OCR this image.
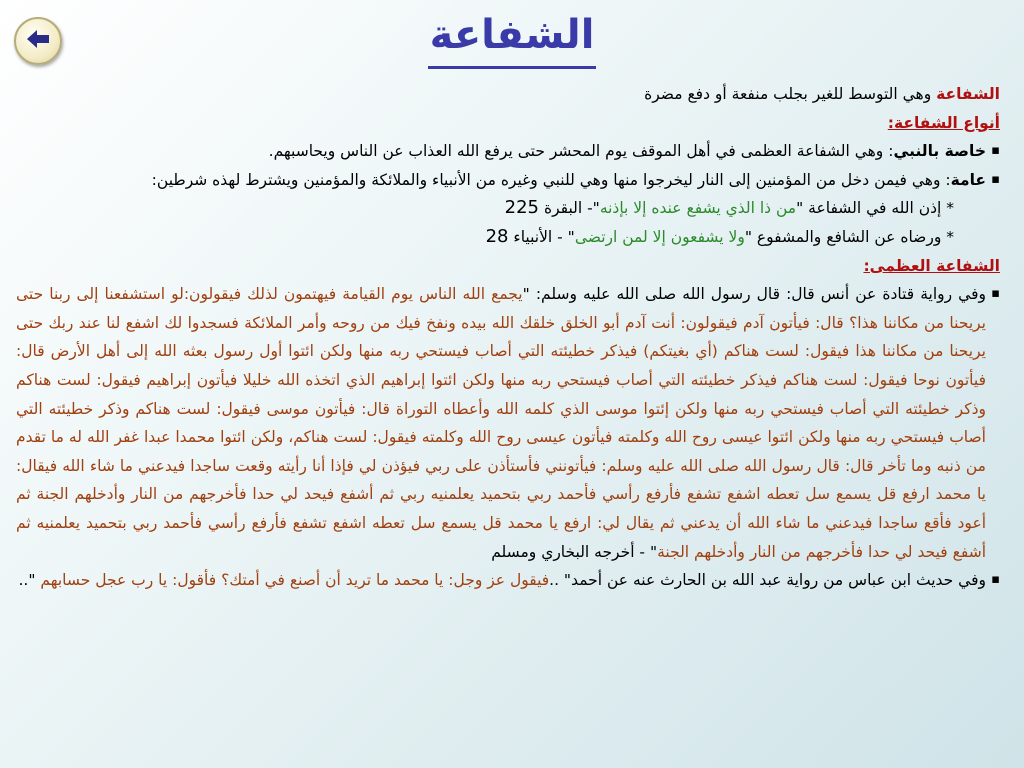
الشفاعة

الشفاعة وهي التوسط للغير بجلب منفعة أو دفع مضرة

أنواع الشفاعة:

▪ خاصة بالنبي: وهي الشفاعة العظمى في أهل الموقف يوم المحشر حتى يرفع الله العذاب عن الناس ويحاسبهم.
▪ عامة: وهي فيمن دخل من المؤمنين إلى النار ليخرجوا منها وهي للنبي وغيره من الأنبياء والملائكة والمؤمنين ويشترط لهذه شرطين:

* إذن الله في الشفاعة "من ذا الذي يشفع عنده إلا بإذنه"- البقرة 225

* ورضاه عن الشافع والمشفوع "ولا يشفعون إلا لمن ارتضى" - الأنبياء 28

الشفاعة العظمى:

▪ وفي رواية قتادة عن أنس قال: قال رسول الله صلى الله عليه وسلم: "يجمع الله الناس يوم القيامة فيهتمون لذلك فيقولون:لو استشفعنا إلى ربنا حتى يريحنا من مكاننا هذا؟ قال: فيأتون آدم فيقولون: أنت آدم أبو الخلق خلقك الله بيده ونفخ فيك من روحه وأمر الملائكة فسجدوا لك اشفع لنا عند ربك حتى يريحنا من مكاننا هذا فيقول: لست هناكم (أي بغيتكم) فيذكر خطيئته التي أصاب فيستحي ربه منها ولكن ائتوا أول رسول بعثه الله إلى أهل الأرض قال: فيأتون نوحا فيقول: لست هناكم فيذكر خطيئته التي أصاب فيستحي ربه منها ولكن ائتوا إبراهيم الذي اتخذه الله خليلا فيأتون إبراهيم فيقول: لست هناكم وذكر خطيئته التي أصاب فيستحي ربه منها ولكن إئتوا موسى الذي كلمه الله وأعطاه التوراة قال: فيأتون موسى فيقول: لست هناكم وذكر خطيئته التي أصاب فيستحي ربه منها ولكن ائتوا عيسى روح الله وكلمته فيأتون عيسى روح الله وكلمته فيقول: لست هناكم، ولكن ائتوا محمدا عبدا غفر الله له ما تقدم من ذنبه وما تأخر قال: قال رسول الله صلى الله عليه وسلم: فيأتونني فأستأذن على ربي فيؤذن لي فإذا أنا رأيته وقعت ساجدا فيدعني ما شاء الله فيقال: يا محمد ارفع قل يسمع سل تعطه اشفع تشفع فأرفع رأسي فأحمد ربي بتحميد يعلمنيه ربي ثم أشفع فيحد لي حدا فأخرجهم من النار وأدخلهم الجنة ثم أعود فأقع ساجدا فيدعني ما شاء الله أن يدعني ثم يقال لي: ارفع يا محمد قل يسمع سل تعطه اشفع تشفع فأرفع رأسي فأحمد ربي بتحميد يعلمنيه ثم أشفع فيحد لي حدا فأخرجهم من النار وأدخلهم الجنة" - أخرجه البخاري ومسلم
▪ وفي حديث ابن عباس من رواية عبد الله بن الحارث عنه عن أحمد" ..فيقول عز وجل: يا محمد ما تريد أن أصنع في أمتك؟ فأقول: يا رب عجل حسابهم "..
